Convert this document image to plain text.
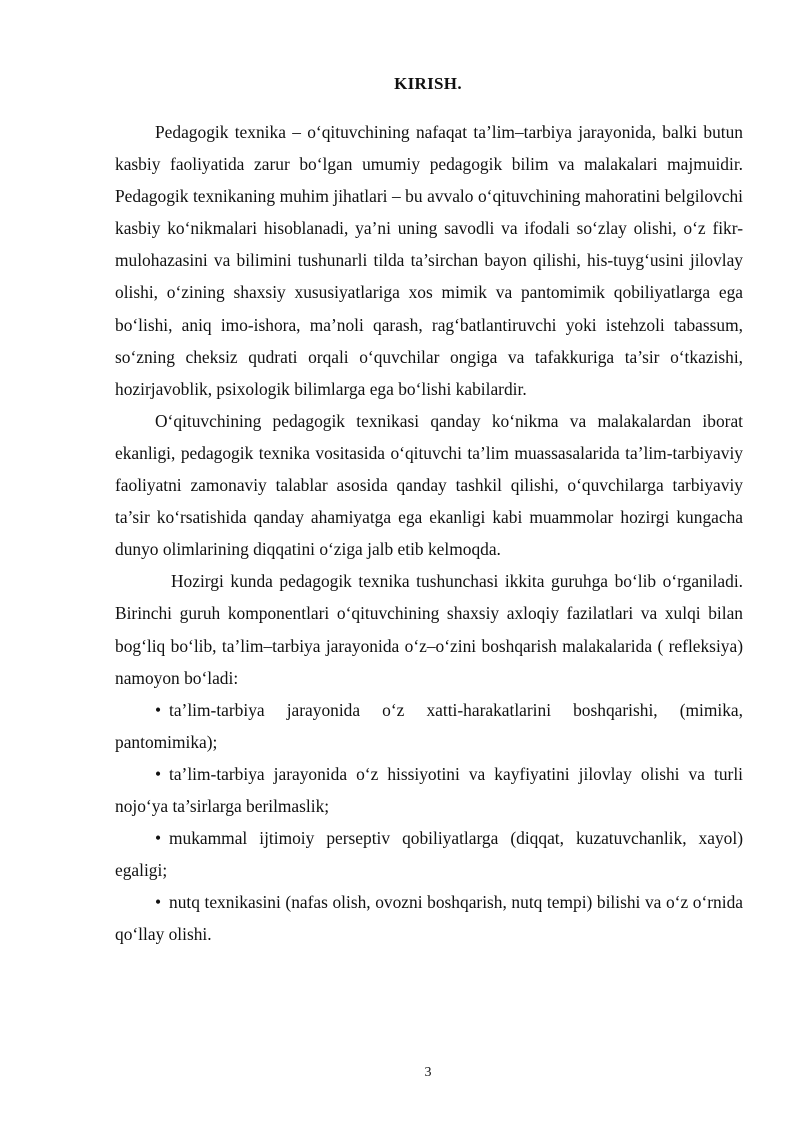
KIRISH.

Pedagogik texnika – o‘qituvchining nafaqat ta’lim–tarbiya jarayonida, balki butun kasbiy faoliyatida zarur bo‘lgan umumiy pedagogik bilim va malakalari majmuidir. Pedagogik texnikaning muhim jihatlari – bu avvalo o‘qituvchining mahoratini belgilovchi kasbiy ko‘nikmalari hisoblanadi, ya’ni uning savodli va ifodali so‘zlay olishi, o‘z fikr-mulohazasini va bilimini tushunarli tilda ta’sirchan bayon qilishi, his-tuyg‘usini jilovlay olishi, o‘zining shaxsiy xususiyatlariga xos mimik va pantomimik qobiliyatlarga ega bo‘lishi, aniq imo-ishora, ma’noli qarash, rag‘batlantiruvchi yoki istehzoli tabassum, so‘zning cheksiz qudrati orqali o‘quvchilar ongiga va tafakkuriga ta’sir o‘tkazishi, hozirjavoblik, psixologik bilimlarga ega bo‘lishi kabilardir.

O‘qituvchining pedagogik texnikasi qanday ko‘nikma va malakalardan iborat ekanligi, pedagogik texnika vositasida o‘qituvchi ta’lim muassasalarida ta’lim-tarbiyaviy faoliyatni zamonaviy talablar asosida qanday tashkil qilishi, o‘quvchilarga tarbiyaviy ta’sir ko‘rsatishida qanday ahamiyatga ega ekanligi kabi muammolar hozirgi kungacha dunyo olimlarining diqqatini o‘ziga jalb etib kelmoqda.

Hozirgi kunda pedagogik texnika tushunchasi ikkita guruhga bo‘lib o‘rganiladi. Birinchi guruh komponentlari o‘qituvchining shaxsiy axloqiy fazilatlari va xulqi bilan bog‘liq bo‘lib, ta’lim–tarbiya jarayonida o‘z–o‘zini boshqarish malakalarida ( refleksiya) namoyon bo‘ladi:

• ta’lim-tarbiya jarayonida o‘z xatti-harakatlarini boshqarishi, (mimika, pantomimika);

• ta’lim-tarbiya jarayonida o‘z hissiyotini va kayfiyatini jilovlay olishi va turli nojo‘ya ta’sirlarga berilmaslik;

• mukammal ijtimoiy perseptiv qobiliyatlarga (diqqat, kuzatuvchanlik, xayol) egaligi;

• nutq texnikasini (nafas olish, ovozni boshqarish, nutq tempi) bilishi va o‘z o‘rnida qo‘llay olishi.

3
